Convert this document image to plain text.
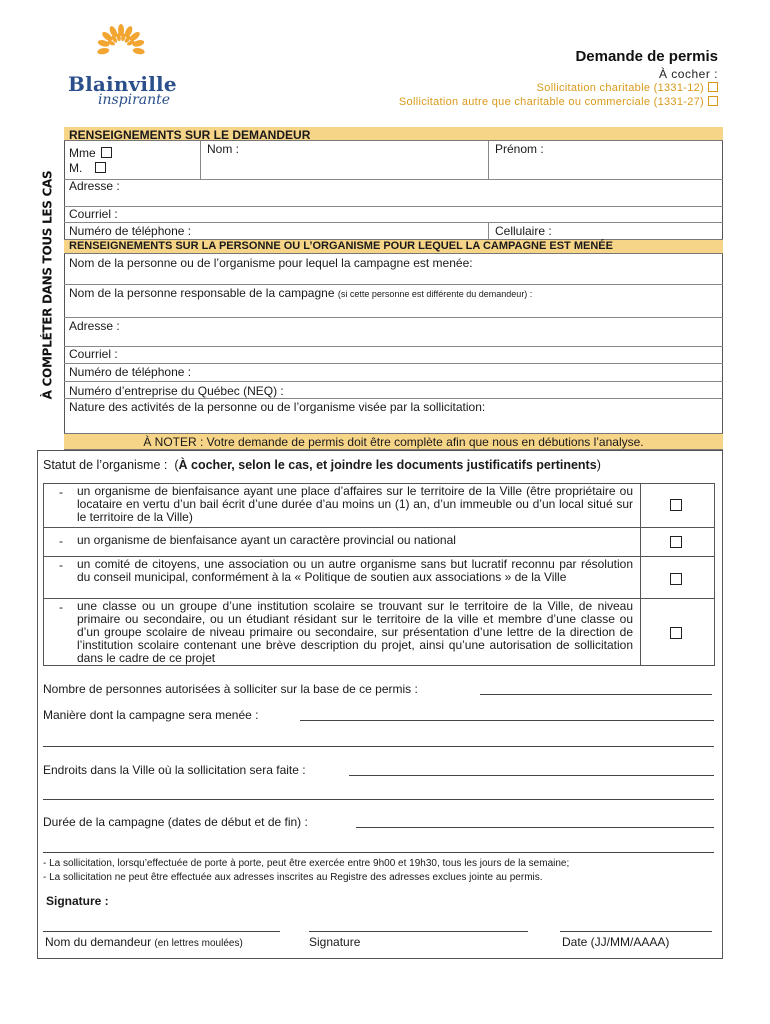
Blainville
inspirante
Demande de permis
À cocher :
Sollicitation charitable (1331-12)
Sollicitation autre que charitable ou commerciale (1331-27)
À COMPLÉTER DANS TOUS LES CAS
RENSEIGNEMENTS SUR LE DEMANDEUR
Mme
M.
Nom :	Prénom :
Adresse :
Courriel :
Numéro de téléphone :	Cellulaire :
RENSEIGNEMENTS SUR LA PERSONNE OU L’ORGANISME POUR LEQUEL LA CAMPAGNE EST MENÉE
Nom de la personne ou de l’organisme pour lequel la campagne est menée:
Nom de la personne responsable de la campagne (si cette personne est différente du demandeur) :
Adresse :
Courriel :
Numéro de téléphone :
Numéro d’entreprise du Québec (NEQ) :
Nature des activités de la personne ou de l’organisme visée par la sollicitation:
À NOTER : Votre demande de permis doit être complète afin que nous en débutions l’analyse.
Statut de l’organisme : (À cocher, selon le cas, et joindre les documents justificatifs pertinents)
- un organisme de bienfaisance ayant une place d’affaires sur le territoire de la Ville (être propriétaire ou locataire en vertu d’un bail écrit d’une durée d’au moins un (1) an, d’un immeuble ou d’un local situé sur le territoire de la Ville)
- un organisme de bienfaisance ayant un caractère provincial ou national
- un comité de citoyens, une association ou un autre organisme sans but lucratif reconnu par résolution du conseil municipal, conformément à la « Politique de soutien aux associations » de la Ville
- une classe ou un groupe d’une institution scolaire se trouvant sur le territoire de la Ville, de niveau primaire ou secondaire, ou un étudiant résidant sur le territoire de la ville et membre d’une classe ou d’un groupe scolaire de niveau primaire ou secondaire, sur présentation d’une lettre de la direction de l’institution scolaire contenant une brève description du projet, ainsi qu’une autorisation de sollicitation dans le cadre de ce projet
Nombre de personnes autorisées à solliciter sur la base de ce permis :
Manière dont la campagne sera menée :
Endroits dans la Ville où la sollicitation sera faite :
Durée de la campagne (dates de début et de fin) :
- La sollicitation, lorsqu’effectuée de porte à porte, peut être exercée entre 9h00 et 19h30, tous les jours de la semaine;
- La sollicitation ne peut être effectuée aux adresses inscrites au Registre des adresses exclues jointe au permis.
Signature :
Nom du demandeur (en lettres moulées)	Signature	Date (JJ/MM/AAAA)
